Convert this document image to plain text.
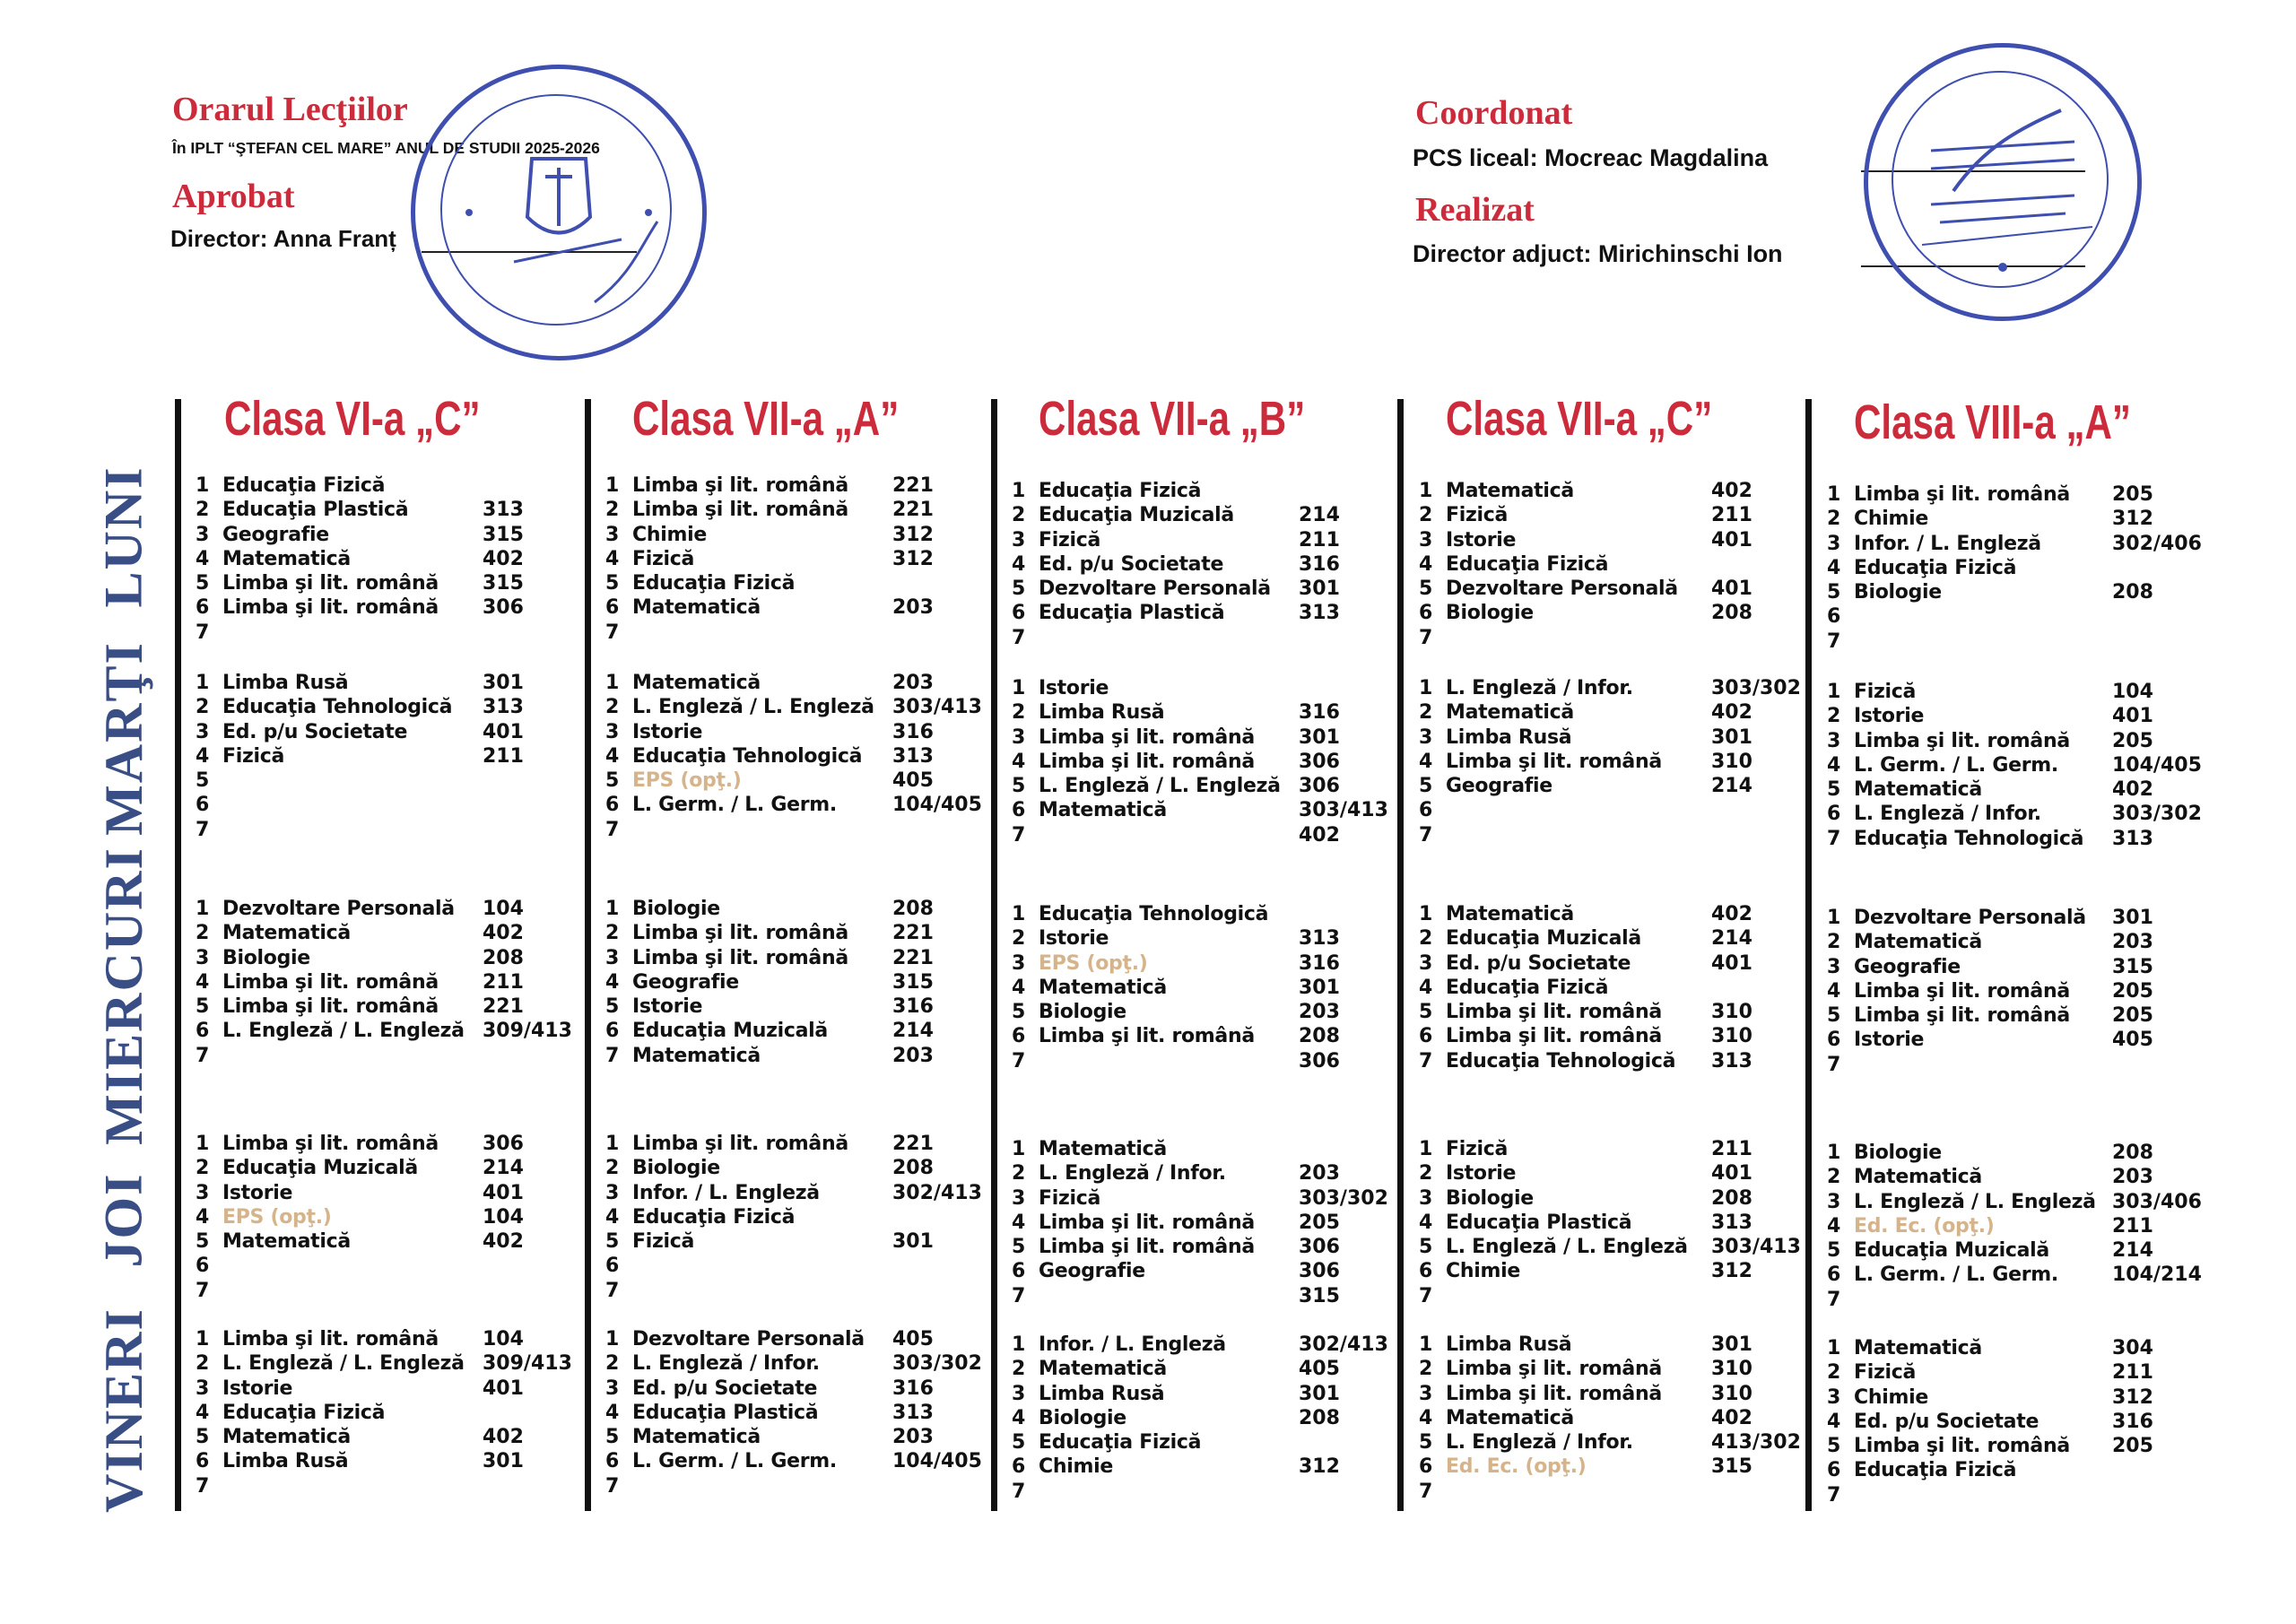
Orarul Lecţiilor
În IPLT “ŞTEFAN CEL MARE” ANUL DE STUDII 2025-2026
Aprobat
Director: Anna Franț
Coordonat
PCS liceal: Mocreac Magdalina
Realizat
Director adjuct: Mirichinschi Ion
LUNI
MARŢI
MIERCURI
JOI
VINERI
Clasa VI-a „C”
1 Educaţia Fizică
2 Educaţia Plastică	313
3 Geografie	315
4 Matematică	402
5 Limba şi lit. română 315
6 Limba şi lit. română 306
7
1 Limba Rusă	301
2 Educaţia Tehnologică 313
3 Ed. p/u Societate	401
4 Fizică	211
5
6
7
1 Dezvoltare Personală 104
2 Matematică	402
3 Biologie	208
4 Limba şi lit. română 211
5 Limba şi lit. română 221
6 L. Engleză / L. Engleză 309/413
7
1 Limba şi lit. română 306
2 Educaţia Muzicală	214
3 Istorie	401
4 EPS (opţ.)	104
5 Matematică	402
6
7
1 Limba şi lit. română 104
2 L. Engleză / L. Engleză 309/413
3 Istorie	401
4 Educaţia Fizică
5 Matematică	402
6 Limba Rusă	301
7
Clasa VII-a „A”
1 Limba şi lit. română 221
2 Limba şi lit. română 221
3 Chimie	312
4 Fizică	312
5 Educaţia Fizică
6 Matematică	203
7
1 Matematică	203
2 L. Engleză / L. Engleză 303/413
3 Istorie	316
4 Educaţia Tehnologică 313
5 EPS (opţ.)	405
6 L. Germ. / L. Germ.	104/405
7
1 Biologie	208
2 Limba şi lit. română 221
3 Limba şi lit. română 221
4 Geografie	315
5 Istorie	316
6 Educaţia Muzicală	214
7 Matematică	203
1 Limba şi lit. română 221
2 Biologie	208
3 Infor. / L. Engleză	302/413
4 Educaţia Fizică
5 Fizică	301
6
7
1 Dezvoltare Personală 405
2 L. Engleză / Infor.	303/302
3 Ed. p/u Societate	316
4 Educaţia Plastică	313
5 Matematică	203
6 L. Germ. / L. Germ.	104/405
7
Clasa VII-a „B”
1 Educaţia Fizică
2 Educaţia Muzicală	214
3 Fizică	211
4 Ed. p/u Societate	316
5 Dezvoltare Personală 301
6 Educaţia Plastică	313
7
1 Istorie
2 Limba Rusă	316
3 Limba şi lit. română 301
4 Limba şi lit. română 306
5 L. Engleză / L. Engleză 306
6 Matematică	303/413
7	402
1 Educaţia Tehnologică
2 Istorie	313
3 EPS (opţ.)	316
4 Matematică	301
5 Biologie	203
6 Limba şi lit. română 208
7	306
1 Matematică
2 L. Engleză / Infor.	203
3 Fizică	303/302
4 Limba şi lit. română 205
5 Limba şi lit. română 306
6 Geografie	306
7	315
1 Infor. / L. Engleză	302/413
2 Matematică	405
3 Limba Rusă	301
4 Biologie	208
5 Educaţia Fizică
6 Chimie	312
7
Clasa VII-a „C”
1 Matematică	402
2 Fizică	211
3 Istorie	401
4 Educaţia Fizică
5 Dezvoltare Personală 401
6 Biologie	208
7
1 L. Engleză / Infor.	303/302
2 Matematică	402
3 Limba Rusă	301
4 Limba şi lit. română	310
5 Geografie	214
6
7
1 Matematică	402
2 Educaţia Muzicală	214
3 Ed. p/u Societate	401
4 Educaţia Fizică
5 Limba şi lit. română	310
6 Limba şi lit. română	310
7 Educaţia Tehnologică 313
1 Fizică	211
2 Istorie	401
3 Biologie	208
4 Educaţia Plastică	313
5 L. Engleză / L. Engleză 303/413
6 Chimie	312
7
1 Limba Rusă	301
2 Limba şi lit. română	310
3 Limba şi lit. română	310
4 Matematică	402
5 L. Engleză / Infor.	413/302
6 Ed. Ec. (opţ.)	315
7
Clasa VIII-a „A”
1 Limba şi lit. română 205
2 Chimie	312
3 Infor. / L. Engleză	302/406
4 Educaţia Fizică
5 Biologie	208
6
7
1 Fizică	104
2 Istorie	401
3 Limba şi lit. română 205
4 L. Germ. / L. Germ.	104/405
5 Matematică	402
6 L. Engleză / Infor.	303/302
7 Educaţia Tehnologică 313
1 Dezvoltare Personală 301
2 Matematică	203
3 Geografie	315
4 Limba şi lit. română 205
5 Limba şi lit. română 205
6 Istorie	405
7
1 Biologie	208
2 Matematică	203
3 L. Engleză / L. Engleză 303/406
4 Ed. Ec. (opţ.)	211
5 Educaţia Muzicală	214
6 L. Germ. / L. Germ.	104/214
7
1 Matematică	304
2 Fizică	211
3 Chimie	312
4 Ed. p/u Societate	316
5 Limba şi lit. română 205
6 Educaţia Fizică
7
